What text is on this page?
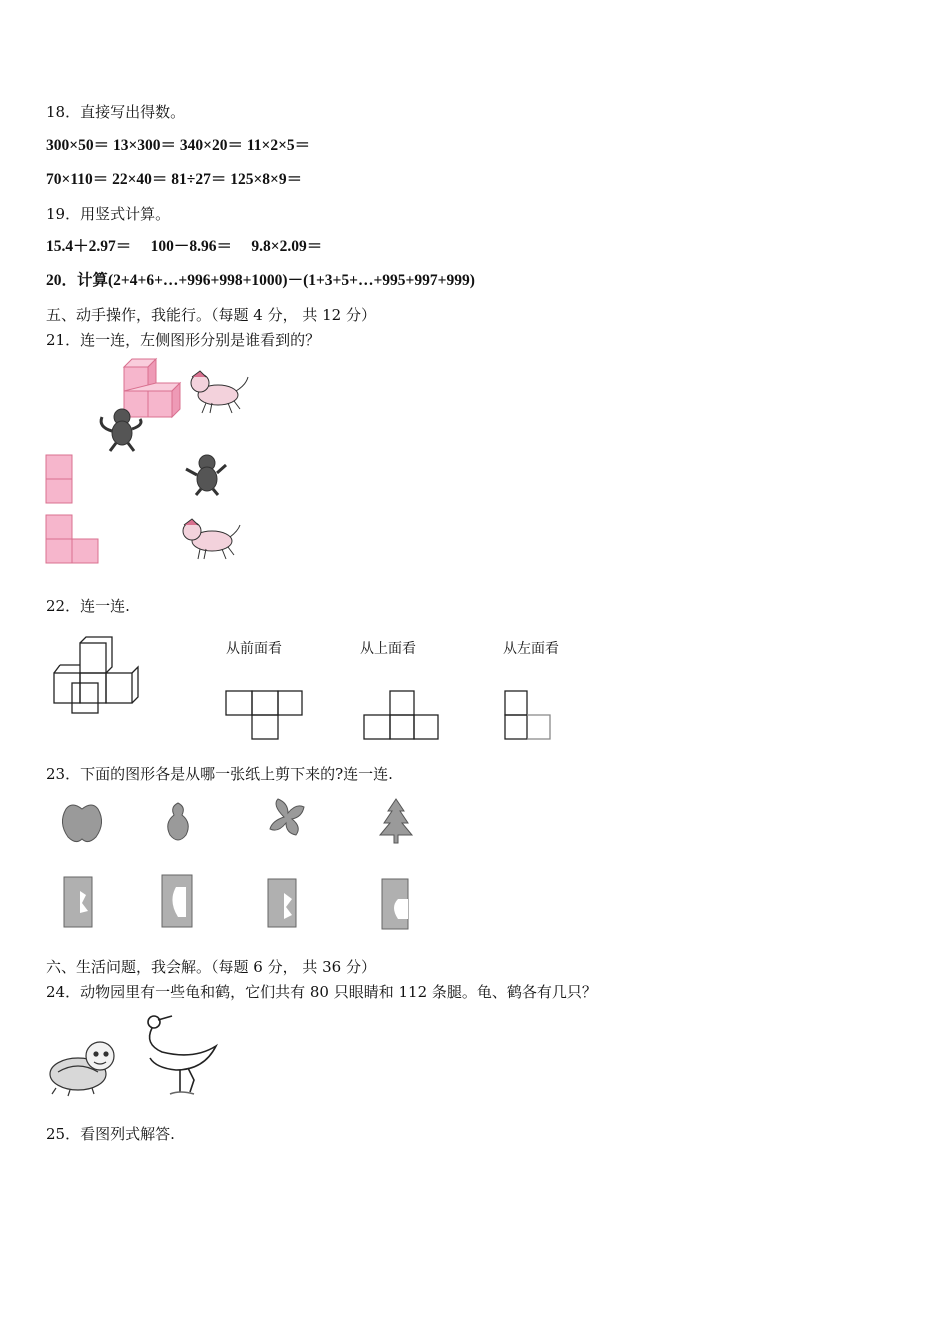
18．直接写出得数。
300×50＝ 13×300＝ 340×20＝ 11×2×5＝
70×110＝ 22×40＝ 81÷27＝ 125×8×9＝
19．用竖式计算。
15.4＋2.97＝     100－8.96＝     9.8×2.09＝
20．计算(2+4+6+…+996+998+1000)－(1+3+5+…+995+997+999)
五、动手操作，我能行。（每题 4 分， 共 12 分）
21．连一连，左侧图形分别是谁看到的？
22．连一连.
从前面看	从上面看	从左面看
23．下面的图形各是从哪一张纸上剪下来的?连一连.
六、生活问题，我会解。（每题 6 分， 共 36 分）
24．动物园里有一些龟和鹤，它们共有 80 只眼睛和 112 条腿。龟、鹤各有几只？
25．看图列式解答.
